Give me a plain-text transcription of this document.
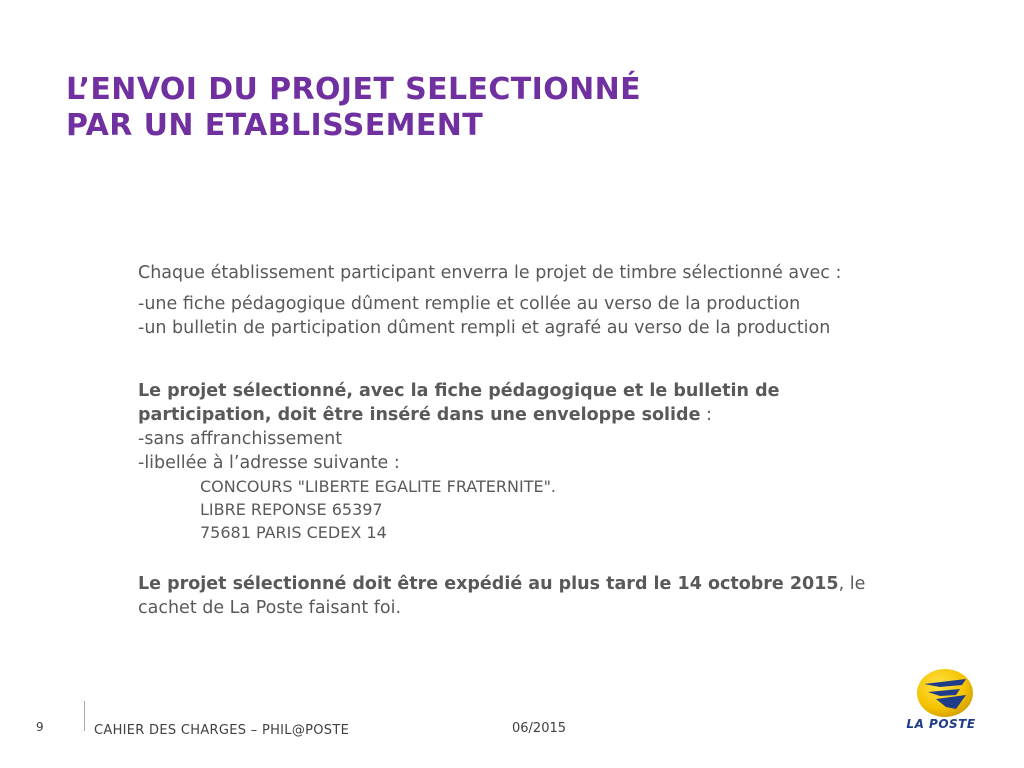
L’ENVOI DU PROJET SELECTIONNÉ
PAR UN ETABLISSEMENT

Chaque établissement participant enverra le projet de timbre sélectionné avec :

-une fiche pédagogique dûment remplie et collée au verso de la production

-un bulletin de participation dûment rempli et agrafé au verso de la production

Le projet sélectionné, avec la fiche pédagogique et le bulletin de participation, doit être inséré dans une enveloppe solide :

-sans affranchissement

-libellée à l’adresse suivante :

CONCOURS "LIBERTE EGALITE FRATERNITE".
LIBRE REPONSE 65397
75681 PARIS CEDEX 14

Le projet sélectionné doit être expédié au plus tard le 14 octobre 2015, le cachet de La Poste faisant foi.

9	CAHIER DES CHARGES – PHIL@POSTE	06/2015	LA POSTE
